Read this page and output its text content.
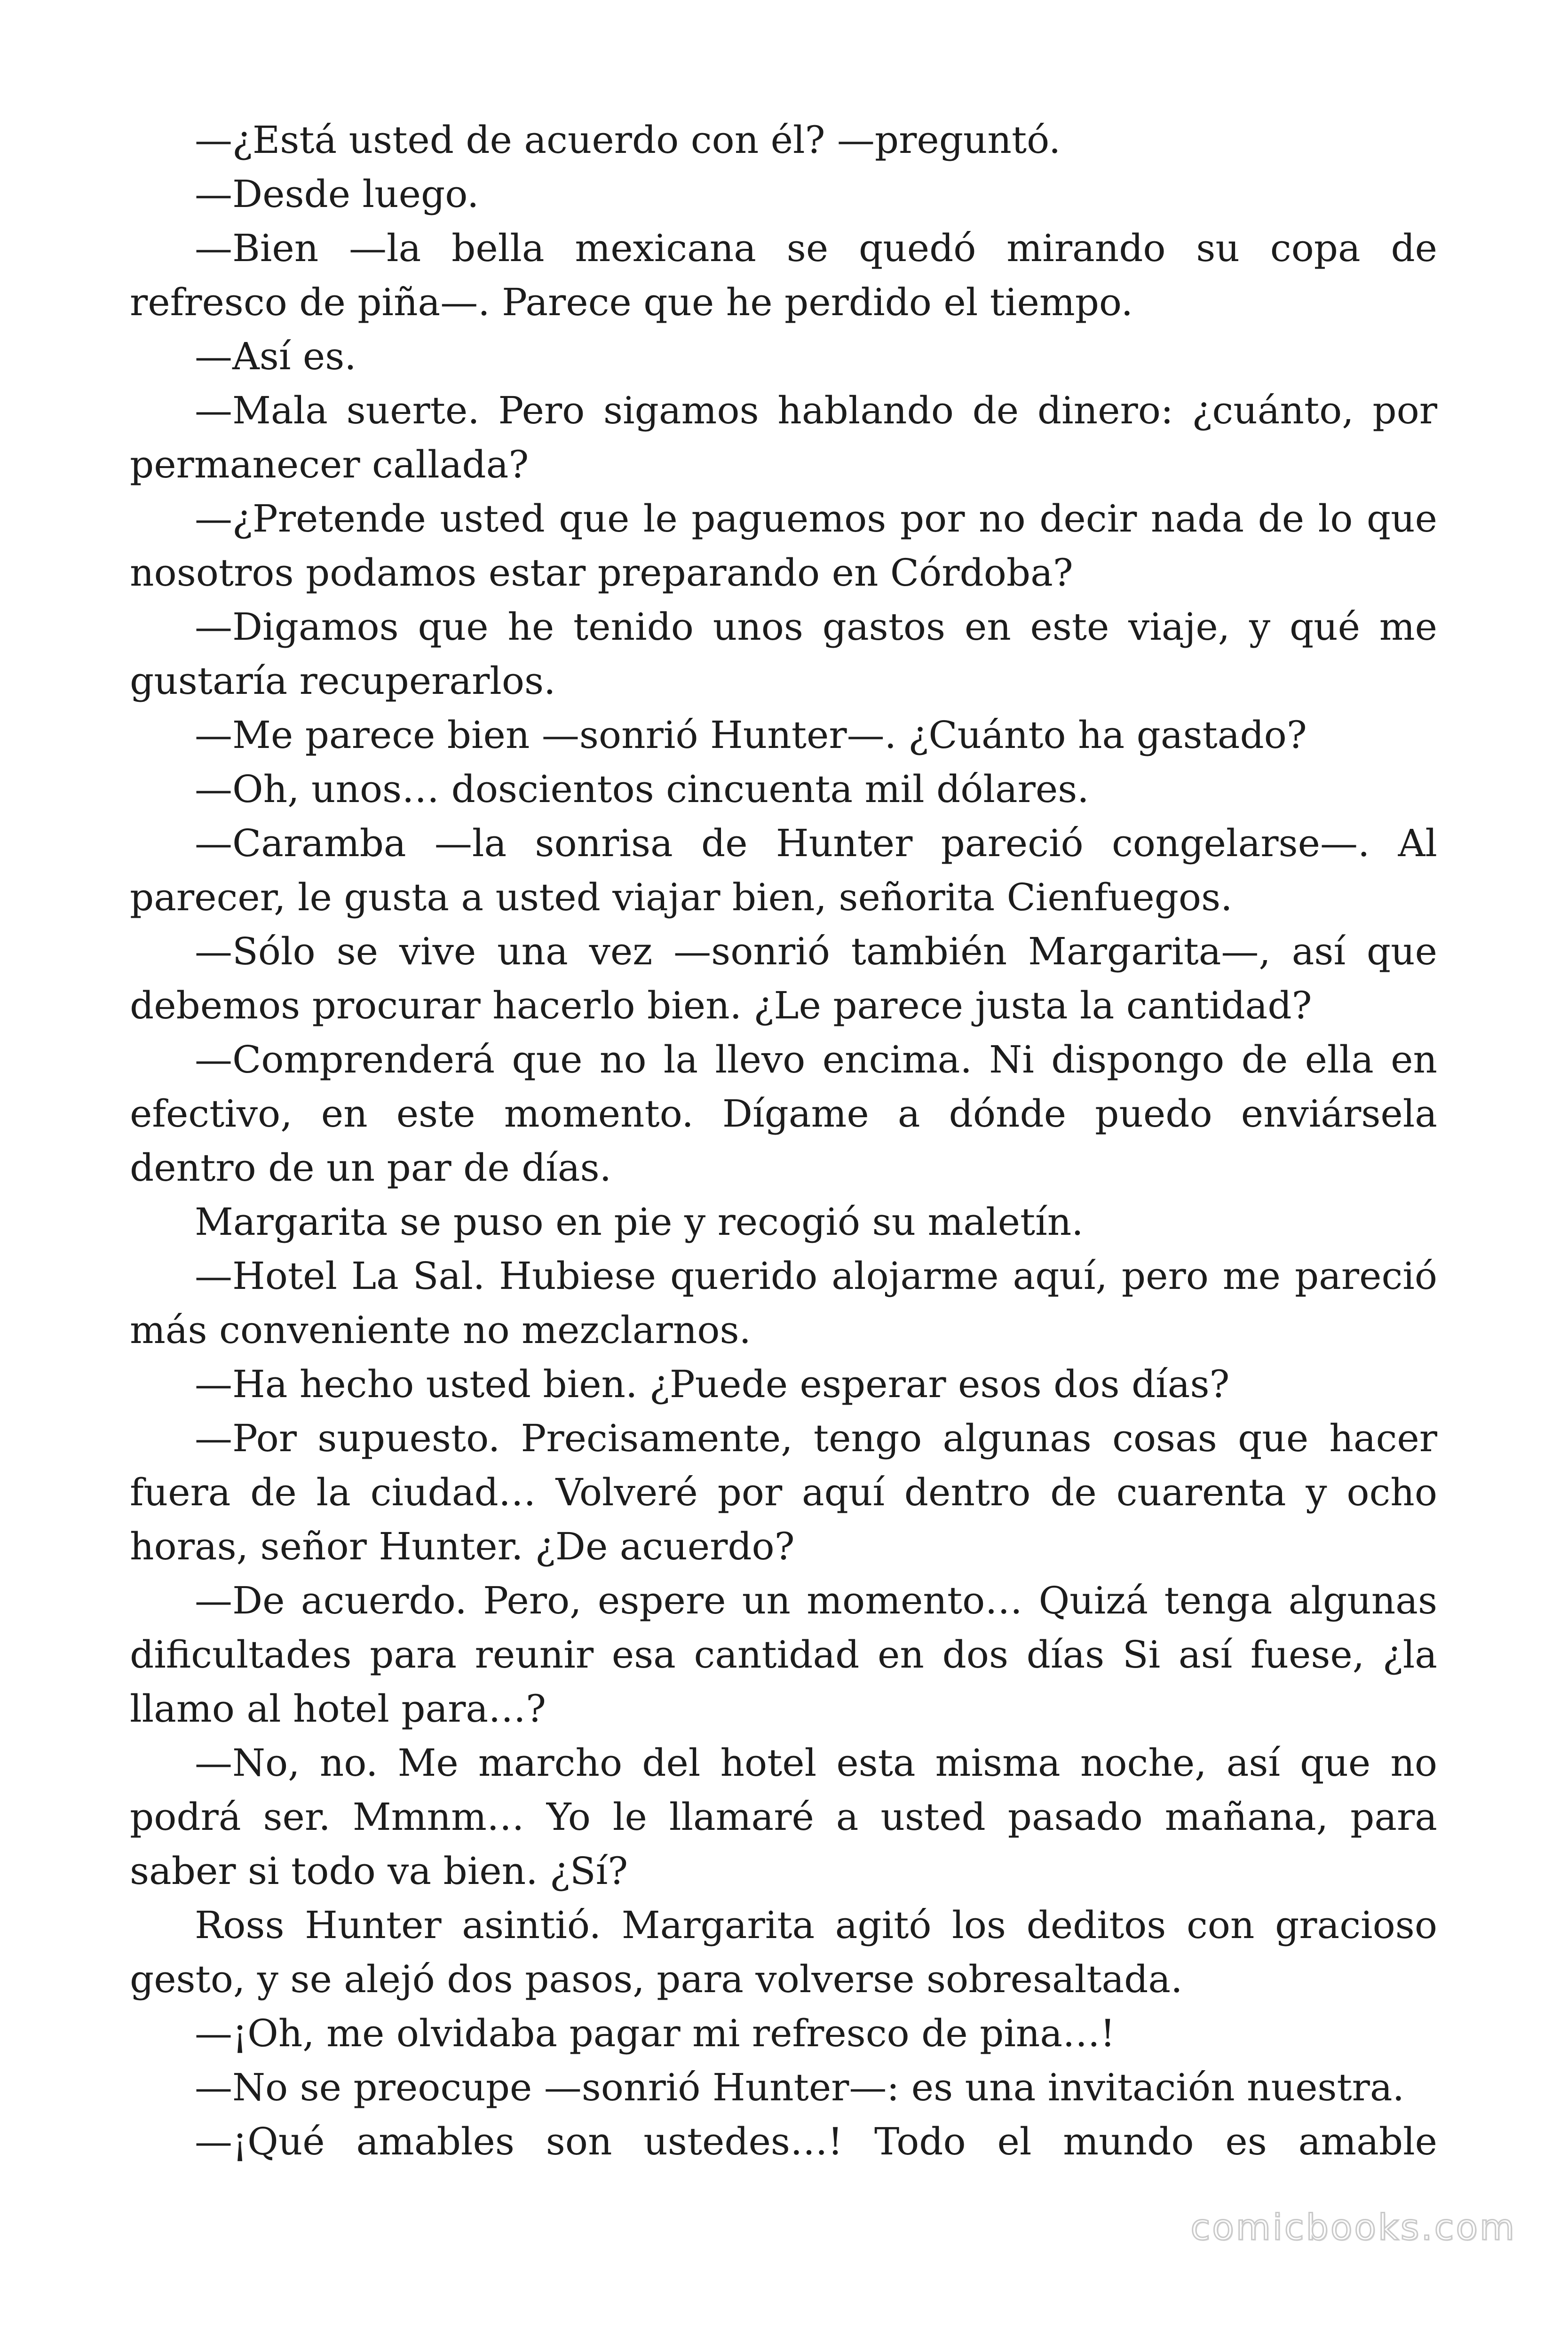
—¿Está usted de acuerdo con él? —preguntó.

—Desde luego.

—Bien —la bella mexicana se quedó mirando su copa de refresco de piña—. Parece que he perdido el tiempo.

—Así es.

—Mala suerte. Pero sigamos hablando de dinero: ¿cuánto, por permanecer callada?

—¿Pretende usted que le paguemos por no decir nada de lo que nosotros podamos estar preparando en Córdoba?

—Digamos que he tenido unos gastos en este viaje, y qué me gustaría recuperarlos.

—Me parece bien —sonrió Hunter—. ¿Cuánto ha gastado?

—Oh, unos… doscientos cincuenta mil dólares.

—Caramba —la sonrisa de Hunter pareció congelarse—. Al parecer, le gusta a usted viajar bien, señorita Cienfuegos.

—Sólo se vive una vez —sonrió también Margarita—, así que debemos procurar hacerlo bien. ¿Le parece justa la cantidad?

—Comprenderá que no la llevo encima. Ni dispongo de ella en efectivo, en este momento. Dígame a dónde puedo enviársela dentro de un par de días.

Margarita se puso en pie y recogió su maletín.

—Hotel La Sal. Hubiese querido alojarme aquí, pero me pareció más conveniente no mezclarnos.

—Ha hecho usted bien. ¿Puede esperar esos dos días?

—Por supuesto. Precisamente, tengo algunas cosas que hacer fuera de la ciudad… Volveré por aquí dentro de cuarenta y ocho horas, señor Hunter. ¿De acuerdo?

—De acuerdo. Pero, espere un momento… Quizá tenga algunas dificultades para reunir esa cantidad en dos días Si así fuese, ¿la llamo al hotel para…?

—No, no. Me marcho del hotel esta misma noche, así que no podrá ser. Mmnm… Yo le llamaré a usted pasado mañana, para saber si todo va bien. ¿Sí?

Ross Hunter asintió. Margarita agitó los deditos con gracioso gesto, y se alejó dos pasos, para volverse sobresaltada.

—¡Oh, me olvidaba pagar mi refresco de pina…!

—No se preocupe —sonrió Hunter—: es una invitación nuestra.

—¡Qué amables son ustedes…! Todo el mundo es amable

comicbooks.com
